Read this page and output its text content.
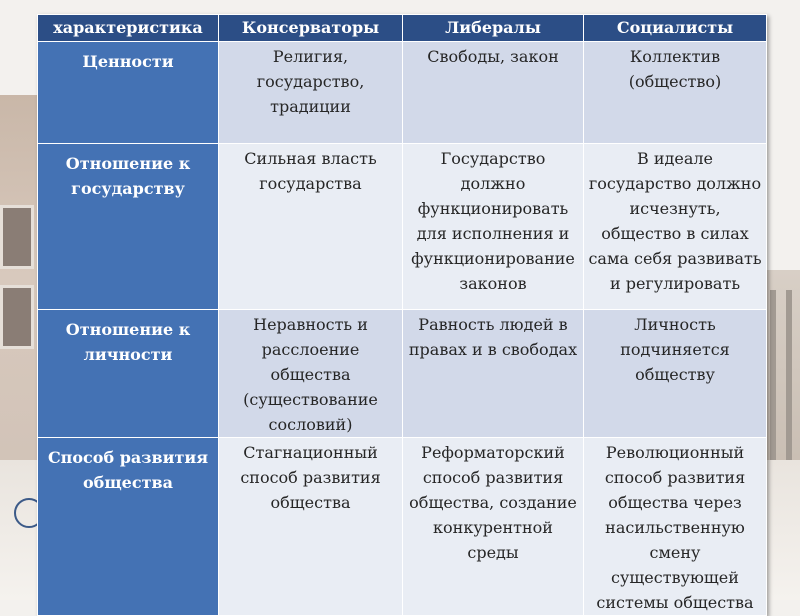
характеристика	Консерваторы	Либералы	Социалисты
Ценности	Религия, государство, традиции	Свободы, закон	Коллектив (общество)
Отношение к государству	Сильная власть государства	Государство должно функционировать для исполнения и функционирование законов	В идеале государство должно исчезнуть, общество в силах сама себя развивать и регулировать
Отношение к личности	Неравность и расслоение общества (существование сословий)	Равность людей в правах и в свободах	Личность подчиняется обществу
Способ развития общества	Стагнационный способ развития общества	Реформаторский способ развития общества, создание конкурентной среды	Революционный способ развития общества через насильственную смену существующей системы общества
